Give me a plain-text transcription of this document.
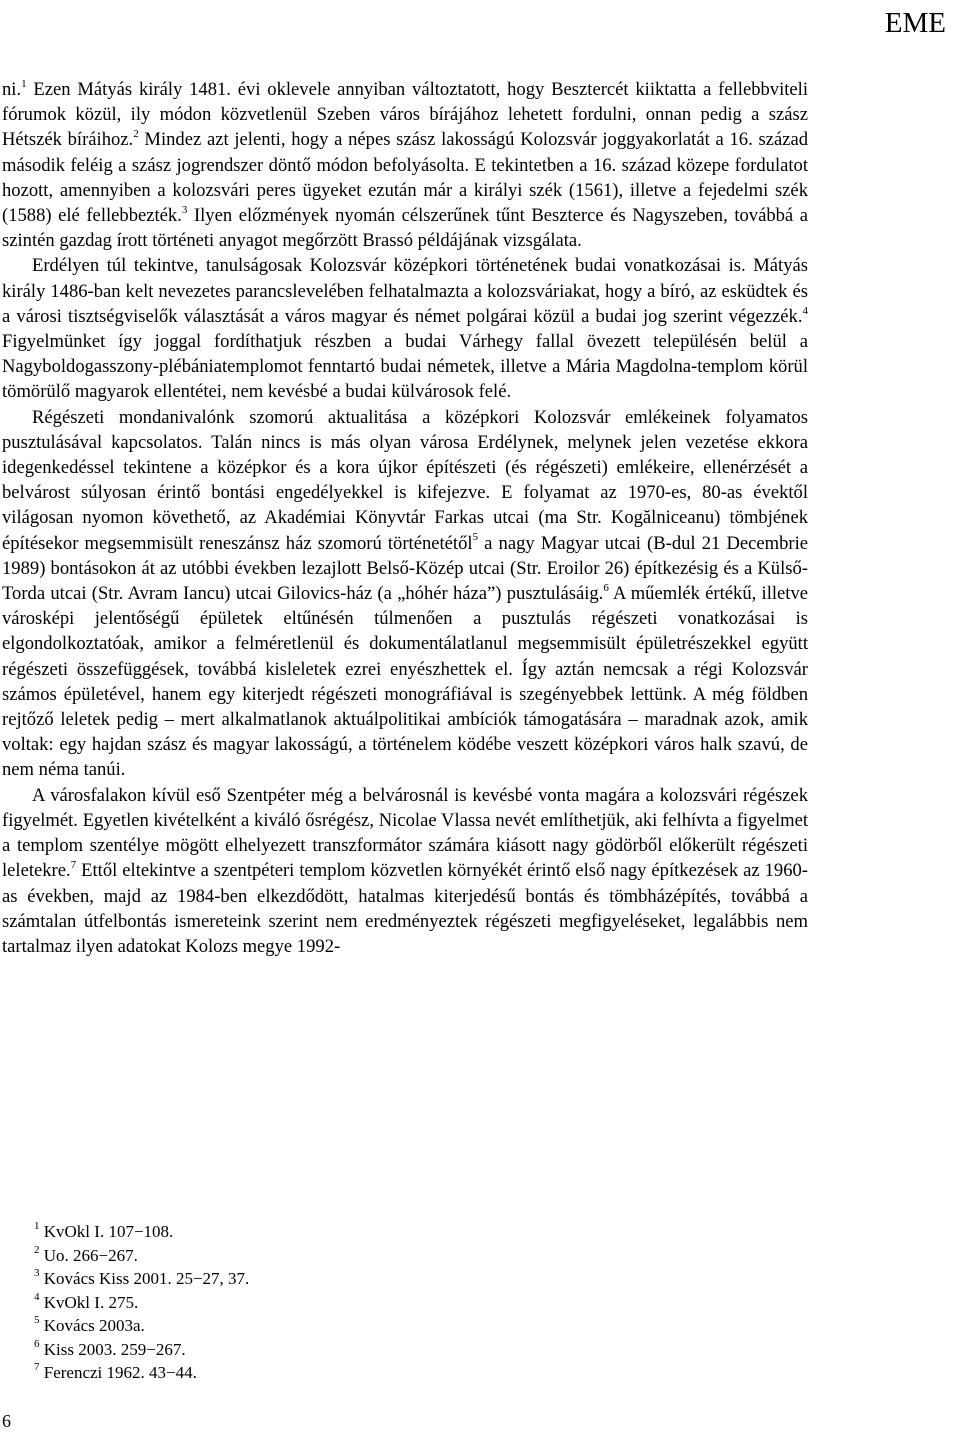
EME

ni.$^1$ Ezen Mátyás király 1481. évi oklevele annyiban változtatott, hogy Besztercét kiiktatta a fellebbviteli fórumok közül, ily módon közvetlenül Szeben város bírájához lehetett fordulni, onnan pedig a szász Hétszék bíráihoz.$^2$ Mindez azt jelenti, hogy a népes szász lakosságú Kolozsvár joggyakorlatát a 16. század második feléig a szász jogrendszer döntő módon befolyásolta. E tekintetben a 16. század közepe fordulatot hozott, amennyiben a kolozsvári peres ügyeket ezután már a királyi szék (1561), illetve a fejedelmi szék (1588) elé fellebbezték.$^3$ Ilyen előzmények nyomán célszerűnek tűnt Beszterce és Nagyszeben, továbbá a szintén gazdag írott történeti anyagot megőrzött Brassó példájának vizsgálata.

Erdélyen túl tekintve, tanulságosak Kolozsvár középkori történetének budai vonatkozásai is. Mátyás király 1486-ban kelt nevezetes parancslevelében felhatalmazta a kolozsváriakat, hogy a bíró, az esküdtek és a városi tisztségviselők választását a város magyar és német polgárai közül a budai jog szerint végezzék.$^4$ Figyelmünket így joggal fordíthatjuk részben a budai Várhegy fallal övezett településén belül a Nagyboldogasszony-plébániatemplomot fenntartó budai németek, illetve a Mária Magdolna-templom körül tömörülő magyarok ellentétei, nem kevésbé a budai külvárosok felé.

Régészeti mondanivalónk szomorú aktualitása a középkori Kolozsvár emlékeinek folyamatos pusztulásával kapcsolatos. Talán nincs is más olyan városa Erdélynek, melynek jelen vezetése ekkora idegenkedéssel tekintene a középkor és a kora újkor építészeti (és régészeti) emlékeire, ellenérzését a belvárost súlyosan érintő bontási engedélyekkel is kifejezve. E folyamat az 1970-es, 80-as évektől világosan nyomon követhető, az Akadémiai Könyvtár Farkas utcai (ma Str. Kogălniceanu) tömbjének építésekor megsemmisült reneszánsz ház szomorú történetétől$^5$ a nagy Magyar utcai (B-dul 21 Decembrie 1989) bontásokon át az utóbbi években lezajlott Belső-Közép utcai (Str. Eroilor 26) építkezésig és a Külső-Torda utcai (Str. Avram Iancu) utcai Gilovics-ház (a „hóhér háza”) pusztulásáig.$^6$ A műemlék értékű, illetve városképi jelentőségű épületek eltűnésén túlmenően a pusztulás régészeti vonatkozásai is elgondolkoztatóak, amikor a felméretlenül és dokumentálatlanul megsemmisült épületrészekkel együtt régészeti összefüggések, továbbá kisleletek ezrei enyészhettek el. Így aztán nemcsak a régi Kolozsvár számos épületével, hanem egy kiterjedt régészeti monográfiával is szegényebbek lettünk. A még földben rejtőző leletek pedig – mert alkalmatlanok aktuálpolitikai ambíciók támogatására – maradnak azok, amik voltak: egy hajdan szász és magyar lakosságú, a történelem ködébe veszett középkori város halk szavú, de nem néma tanúi.

A városfalakon kívül eső Szentpéter még a belvárosnál is kevésbé vonta magára a kolozsvári régészek figyelmét. Egyetlen kivételként a kiváló ősrégész, Nicolae Vlassa nevét említhetjük, aki felhívta a figyelmet a templom szentélye mögött elhelyezett transzformátor számára kiásott nagy gödörből előkerült régészeti leletekre.$^7$ Ettől eltekintve a szentpéteri templom közvetlen környékét érintő első nagy építkezések az 1960-as években, majd az 1984-ben elkezdődött, hatalmas kiterjedésű bontás és tömbházépítés, továbbá a számtalan útfelbontás ismereteink szerint nem eredményeztek régészeti megfigyeléseket, legalábbis nem tartalmaz ilyen adatokat Kolozs megye 1992-

$^1$ KvOkl I. 107−108.
$^2$ Uo. 266−267.
$^3$ Kovács Kiss 2001. 25−27, 37.
$^4$ KvOkl I. 275.
$^5$ Kovács 2003a.
$^6$ Kiss 2003. 259−267.
$^7$ Ferenczi 1962. 43−44.
6
